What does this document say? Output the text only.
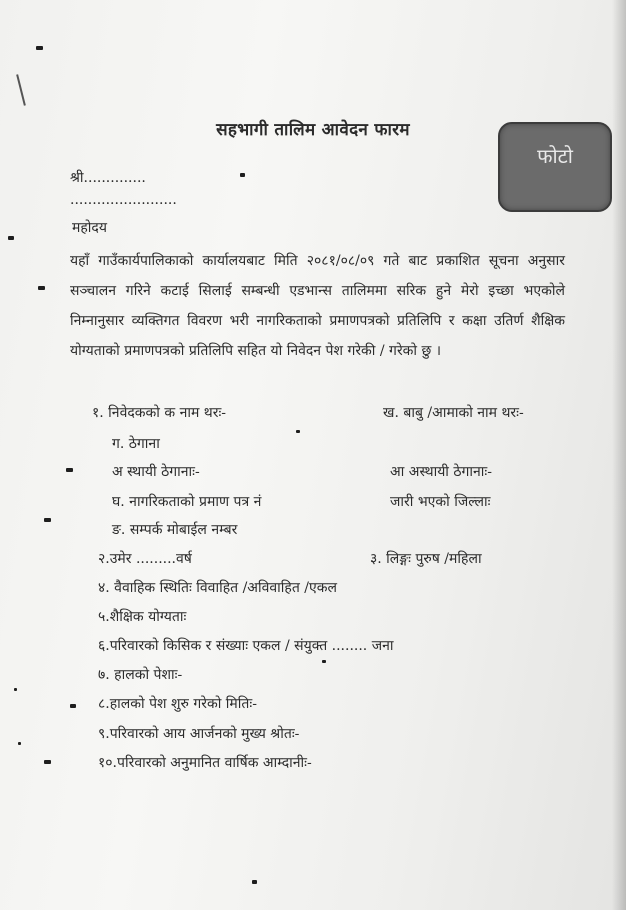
सहभागी तालिम आवेदन फारम
फोटो
श्री..............
........................
महोदय
यहाँ गाउँकार्यपालिकाको कार्यालयबाट मिति २०८१/०८/०९ गते बाट प्रकाशित सूचना अनुसार सञ्चालन गरिने कटाई सिलाई सम्बन्धी एडभान्स तालिममा सरिक हुने मेरो इच्छा भएकोले निम्नानुसार व्यक्तिगत विवरण भरी नागरिकताको प्रमाणपत्रको प्रतिलिपि र कक्षा उतिर्ण शैक्षिक योग्यताको प्रमाणपत्रको प्रतिलिपि सहित यो निवेदन पेश गरेकी / गरेको छु ।
१. निवेदकको क नाम थरः-	ख. बाबु /आमाको नाम थरः-
ग. ठेगाना
अ स्थायी ठेगानाः-	आ अस्थायी ठेगानाः-
घ. नागरिकताको प्रमाण पत्र नं	जारी भएको जिल्लाः
ङ. सम्पर्क मोबाईल नम्बर
२.उमेर .........वर्ष	३. लिङ्गः पुरुष /महिला
४. वैवाहिक स्थितिः विवाहित /अविवाहित /एकल
५.शैक्षिक योग्यताः
६.परिवारको किसिक र संख्याः एकल / संयुक्त ........ जना
७. हालको पेशाः-
८.हालको पेश शुरु गरेको मितिः-
९.परिवारको आय आर्जनको मुख्य श्रोतः-
१०.परिवारको अनुमानित वार्षिक आम्दानीः-
